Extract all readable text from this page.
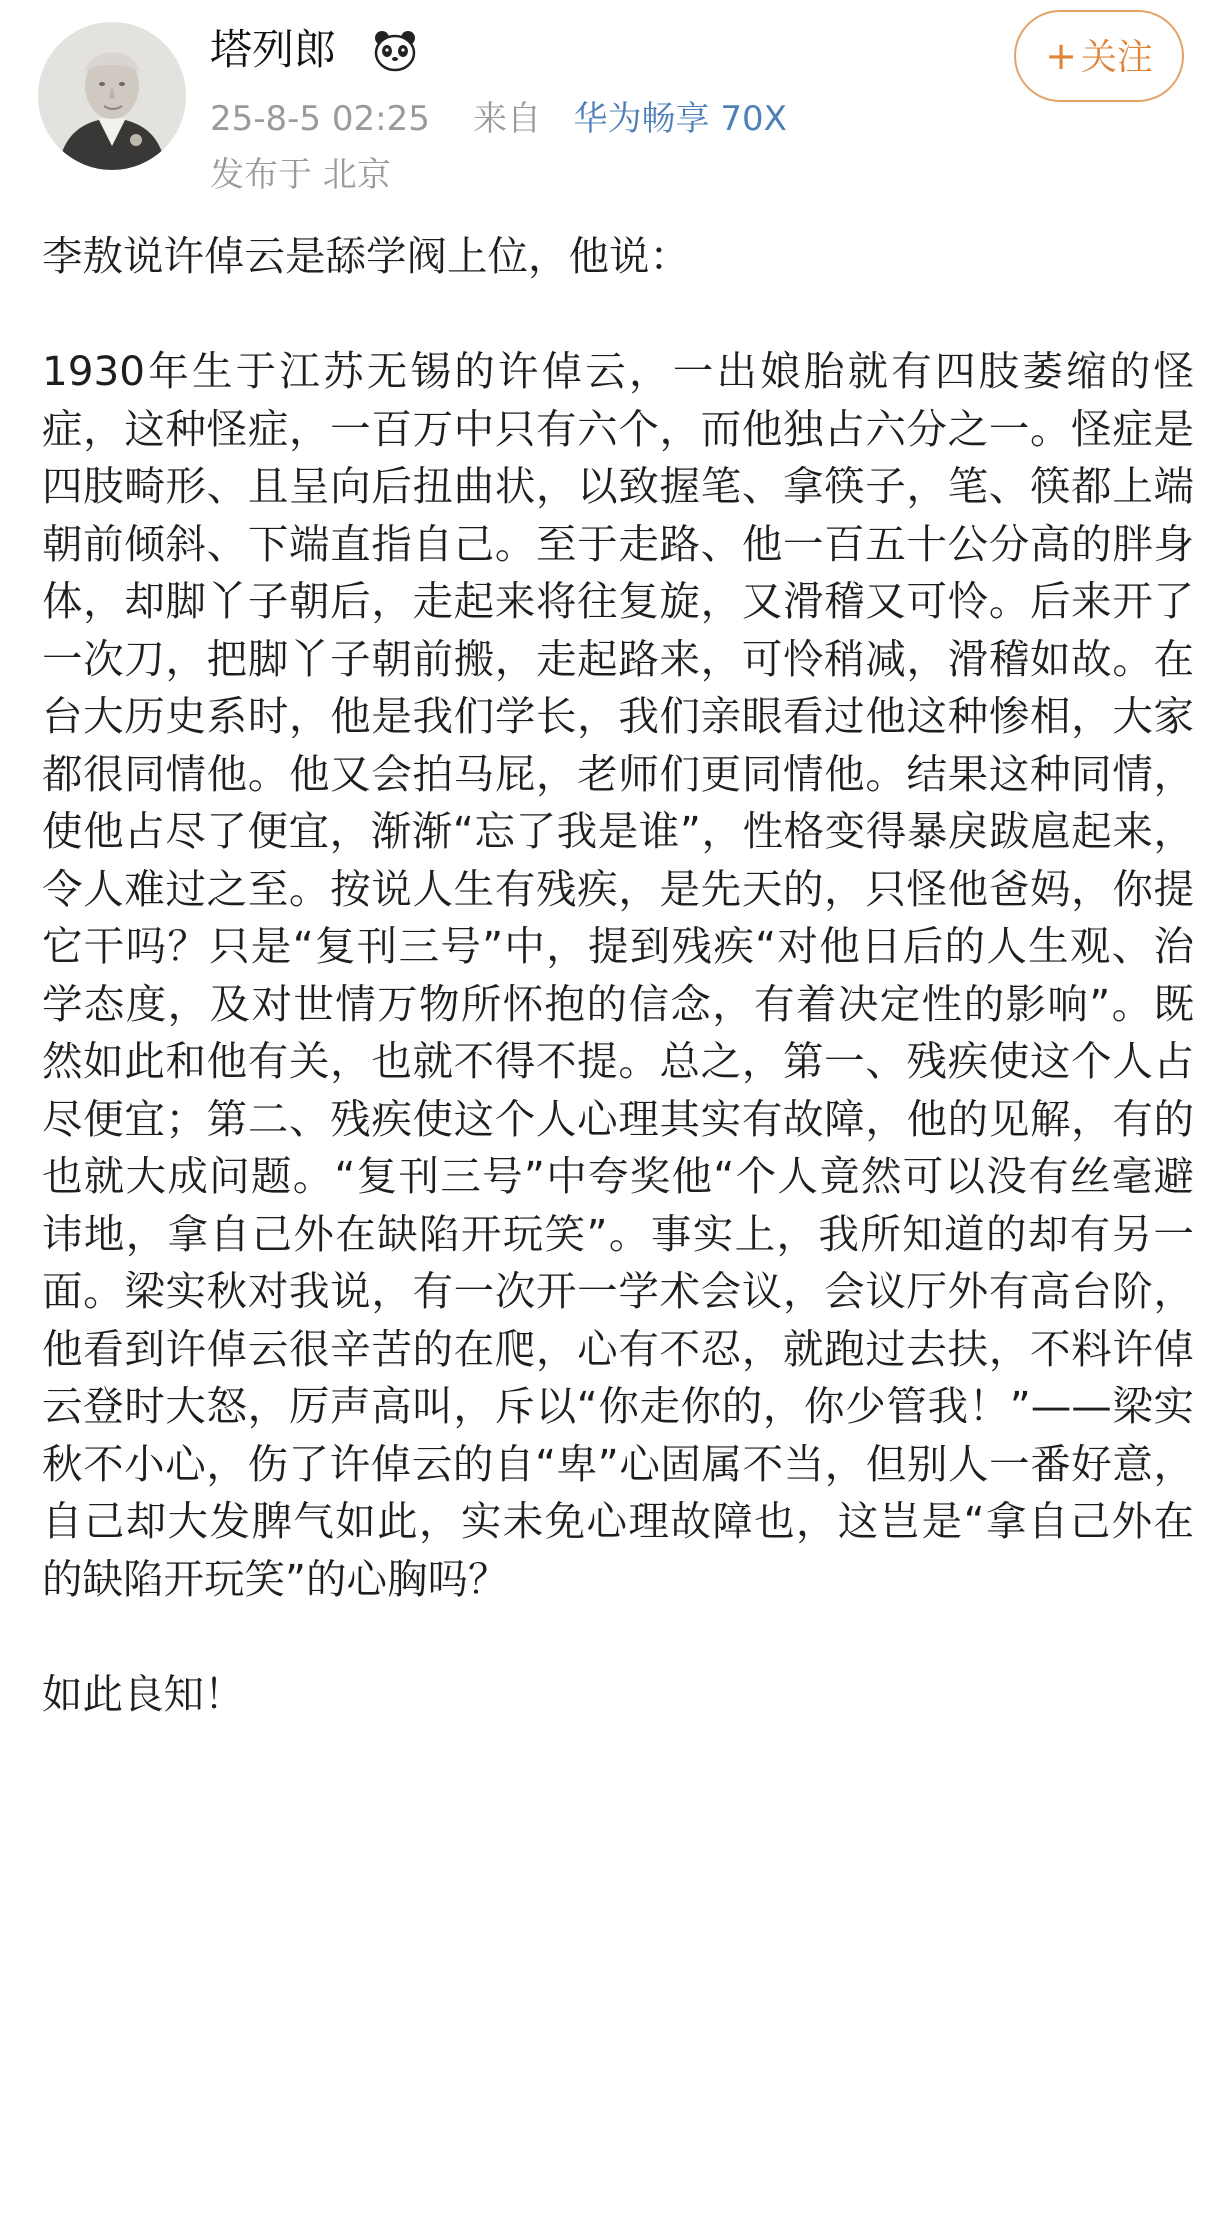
塔列郎
25-8-5 02:25 来自 华为畅享 70X
发布于 北京
+ 关注

李敖说许倬云是舔学阀上位，他说：

1930年生于江苏无锡的许倬云，一出娘胎就有四肢萎缩的怪症，这种怪症，一百万中只有六个，而他独占六分之一。怪症是四肢畸形、且呈向后扭曲状，以致握笔、拿筷子，笔、筷都上端朝前倾斜、下端直指自己。至于走路、他一百五十公分高的胖身体，却脚丫子朝后，走起来将往复旋，又滑稽又可怜。后来开了一次刀，把脚丫子朝前搬，走起路来，可怜稍减，滑稽如故。在台大历史系时，他是我们学长，我们亲眼看过他这种惨相，大家都很同情他。他又会拍马屁，老师们更同情他。结果这种同情，使他占尽了便宜，渐渐“忘了我是谁”，性格变得暴戾跋扈起来，令人难过之至。按说人生有残疾，是先天的，只怪他爸妈，你提它干吗？只是“复刊三号”中，提到残疾“对他日后的人生观、治学态度，及对世情万物所怀抱的信念，有着决定性的影响”。既然如此和他有关，也就不得不提。总之，第一、残疾使这个人占尽便宜；第二、残疾使这个人心理其实有故障，他的见解，有的也就大成问题。“复刊三号”中夸奖他“个人竟然可以没有丝毫避讳地，拿自己外在缺陷开玩笑”。事实上，我所知道的却有另一面。梁实秋对我说，有一次开一学术会议，会议厅外有高台阶，他看到许倬云很辛苦的在爬，心有不忍，就跑过去扶，不料许倬云登时大怒，厉声高叫，斥以“你走你的，你少管我！”——梁实秋不小心，伤了许倬云的自“卑”心固属不当，但别人一番好意，自己却大发脾气如此，实未免心理故障也，这岂是“拿自己外在的缺陷开玩笑”的心胸吗？

如此良知！
